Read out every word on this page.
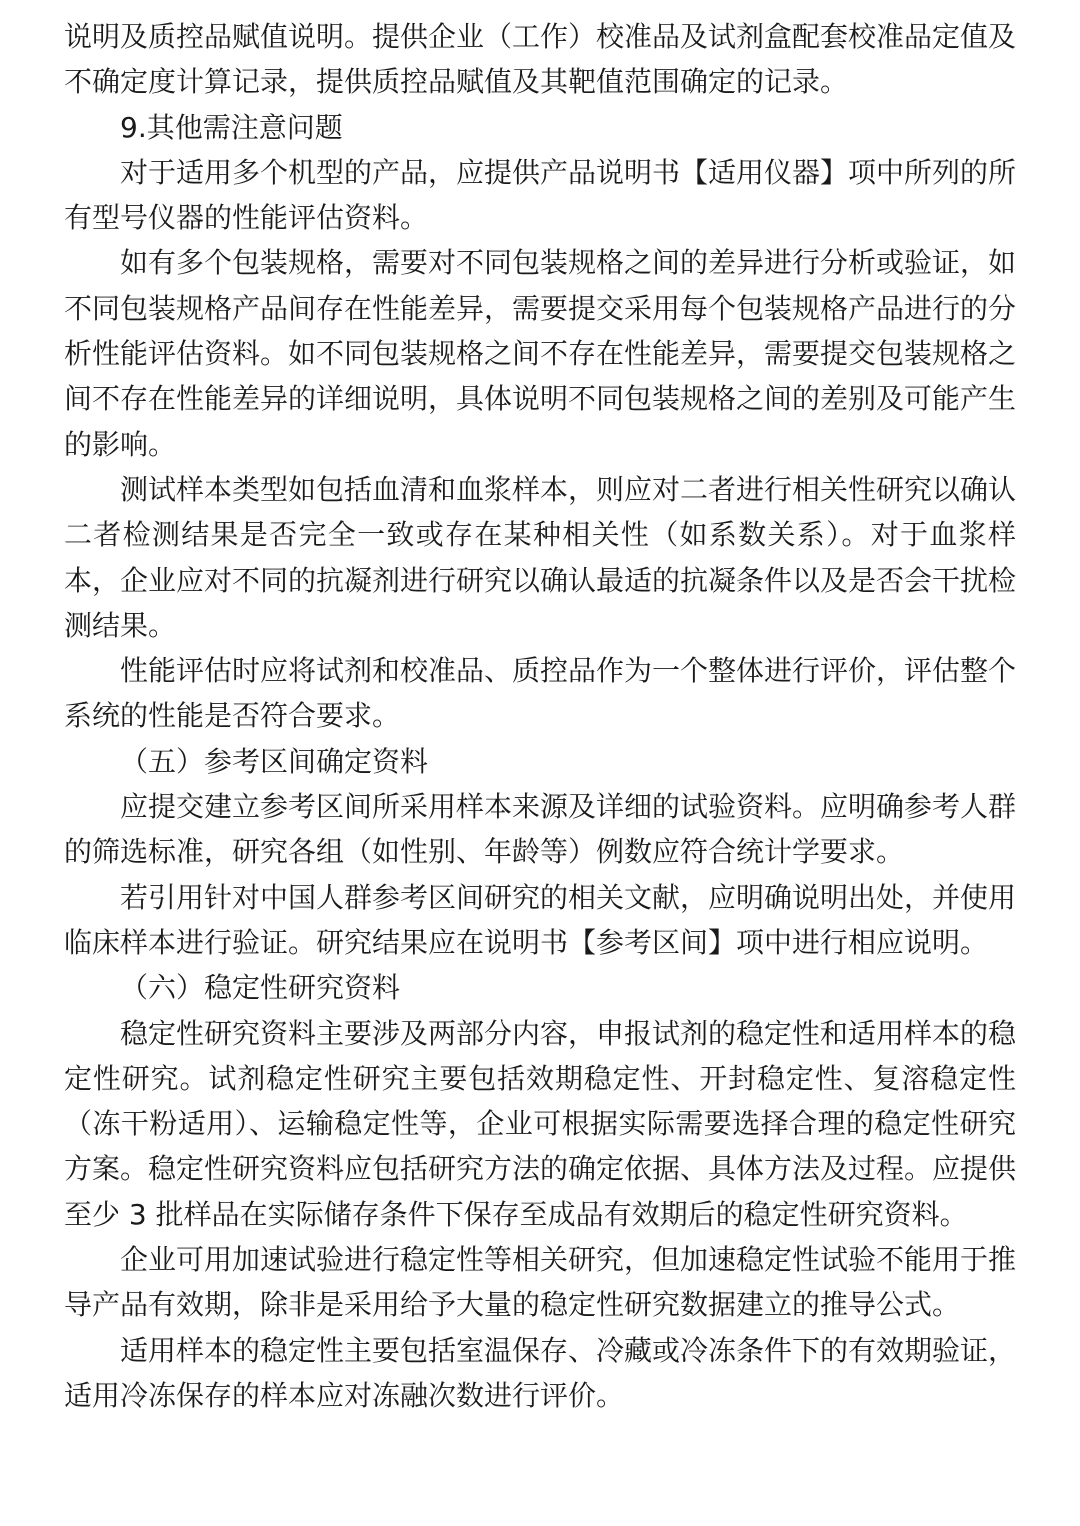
说明及质控品赋值说明。提供企业（工作）校准品及试剂盒配套校准品定值及不确定度计算记录，提供质控品赋值及其靶值范围确定的记录。

9.其他需注意问题

对于适用多个机型的产品，应提供产品说明书【适用仪器】项中所列的所有型号仪器的性能评估资料。

如有多个包装规格，需要对不同包装规格之间的差异进行分析或验证，如不同包装规格产品间存在性能差异，需要提交采用每个包装规格产品进行的分析性能评估资料。如不同包装规格之间不存在性能差异，需要提交包装规格之间不存在性能差异的详细说明，具体说明不同包装规格之间的差别及可能产生的影响。

测试样本类型如包括血清和血浆样本，则应对二者进行相关性研究以确认二者检测结果是否完全一致或存在某种相关性（如系数关系）。对于血浆样本，企业应对不同的抗凝剂进行研究以确认最适的抗凝条件以及是否会干扰检测结果。

性能评估时应将试剂和校准品、质控品作为一个整体进行评价，评估整个系统的性能是否符合要求。

（五）参考区间确定资料

应提交建立参考区间所采用样本来源及详细的试验资料。应明确参考人群的筛选标准，研究各组（如性别、年龄等）例数应符合统计学要求。

若引用针对中国人群参考区间研究的相关文献，应明确说明出处，并使用临床样本进行验证。研究结果应在说明书【参考区间】项中进行相应说明。

（六）稳定性研究资料

稳定性研究资料主要涉及两部分内容，申报试剂的稳定性和适用样本的稳定性研究。试剂稳定性研究主要包括效期稳定性、开封稳定性、复溶稳定性（冻干粉适用）、运输稳定性等，企业可根据实际需要选择合理的稳定性研究方案。稳定性研究资料应包括研究方法的确定依据、具体方法及过程。应提供至少 3 批样品在实际储存条件下保存至成品有效期后的稳定性研究资料。

企业可用加速试验进行稳定性等相关研究，但加速稳定性试验不能用于推导产品有效期，除非是采用给予大量的稳定性研究数据建立的推导公式。

适用样本的稳定性主要包括室温保存、冷藏或冷冻条件下的有效期验证，适用冷冻保存的样本应对冻融次数进行评价。
